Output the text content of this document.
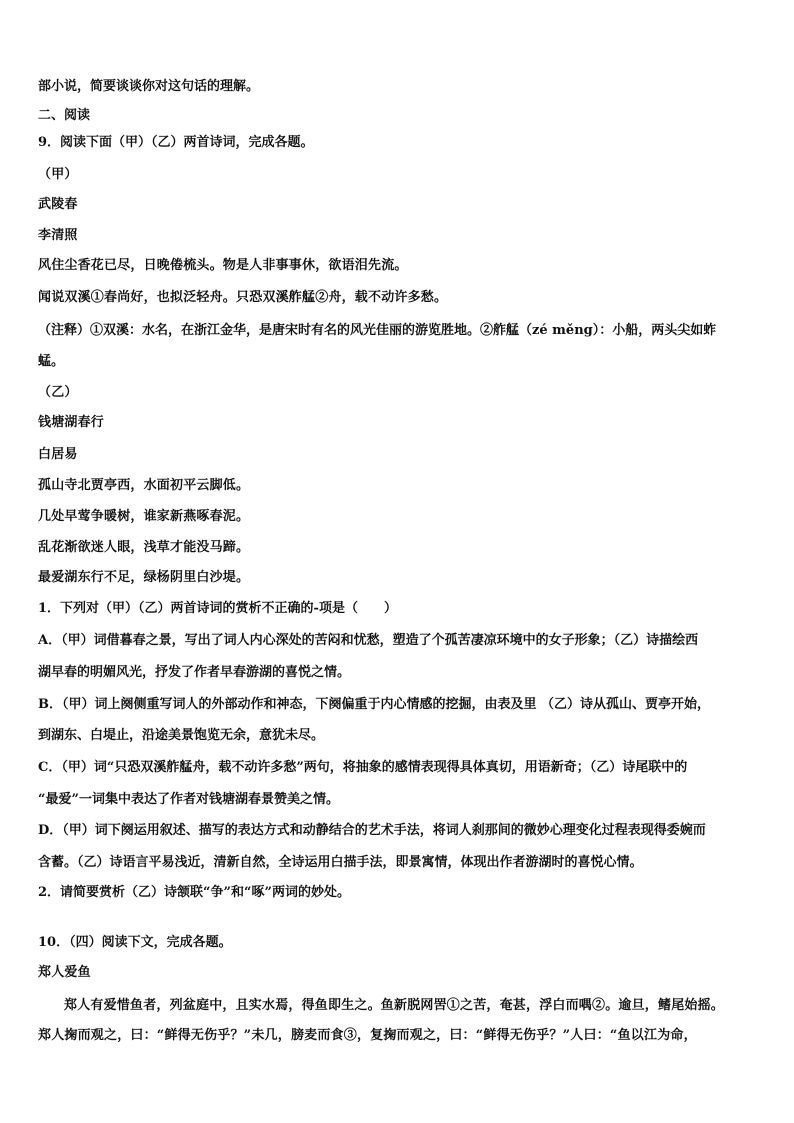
部小说，简要谈谈你对这句话的理解。
二、阅读
9．阅读下面（甲）（乙）两首诗词，完成各题。
（甲）
武陵春
李清照
风住尘香花已尽，日晚倦梳头。物是人非事事休，欲语泪先流。
闻说双溪①春尚好，也拟泛轻舟。只恐双溪舴艋②舟，载不动许多愁。
（注释）①双溪：水名，在浙江金华，是唐宋时有名的风光佳丽的游览胜地。②舴艋（zé měng）：小船，两头尖如蚱
蜢。
（乙）
钱塘湖春行
白居易
孤山寺北贾亭西，水面初平云脚低。
几处早莺争暖树，谁家新燕啄春泥。
乱花渐欲迷人眼，浅草才能没马蹄。
最爱湖东行不足，绿杨阴里白沙堤。
1．下列对（甲）（乙）两首诗词的赏析不正确的-项是（　　）
A．（甲）词借暮春之景，写出了词人内心深处的苦闷和忧愁，塑造了个孤苦凄凉环境中的女子形象；（乙）诗描绘西
湖早春的明媚风光，抒发了作者早春游湖的喜悦之情。
B．（甲）词上阕侧重写词人的外部动作和神态，下阕偏重于内心情感的挖掘，由表及里 （乙）诗从孤山、贾亭开始，
到湖东、白堤止，沿途美景饱览无余，意犹未尽。
C．（甲）词“只恐双溪舴艋舟，载不动许多愁”两句，将抽象的感情表现得具体真切，用语新奇；（乙）诗尾联中的
“最爱”一词集中表达了作者对钱塘湖春景赞美之情。
D．（甲）词下阕运用叙述、描写的表达方式和动静结合的艺术手法，将词人刹那间的微妙心理变化过程表现得委婉而
含蓄。（乙）诗语言平易浅近，清新自然，全诗运用白描手法，即景寓情，体现出作者游湖时的喜悦心情。
2．请简要赏析（乙）诗颔联“争”和“啄”两词的妙处。
10．（四）阅读下文，完成各题。
郑人爱鱼
郑人有爱惜鱼者，列盆庭中，且实水焉，得鱼即生之。鱼新脱网罟①之苦，奄甚，浮白而喁②。逾旦，鳍尾始摇。
郑人掬而观之，曰：“鲜得无伤乎？”未几，膀麦而食③，复掬而观之，曰：“鲜得无伤乎？”人曰：“鱼以江为命，
